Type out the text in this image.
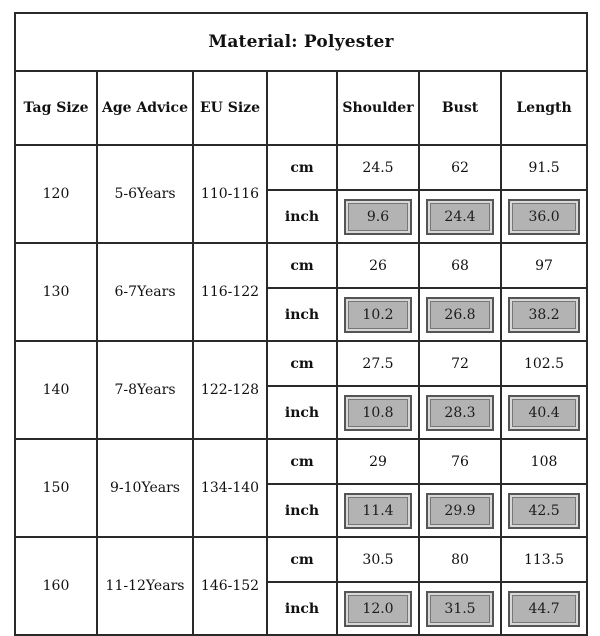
Material: Polyester						
Tag Size	Age Advice	EU Size		Shoulder	Bust	Length
120	5-6Years	110-116	cm	24.5	62	91.5
			inch	9.6	24.4	36.0

130	6-7Years	116-122	cm	26	68	97
			inch	10.2	26.8	38.2

140	7-8Years	122-128	cm	27.5	72	102.5
			inch	10.8	28.3	40.4

150	9-10Years	134-140	cm	29	76	108
			inch	11.4	29.9	42.5

160	11-12Years	146-152	cm	30.5	80	113.5
			inch	12.0	31.5	44.7
